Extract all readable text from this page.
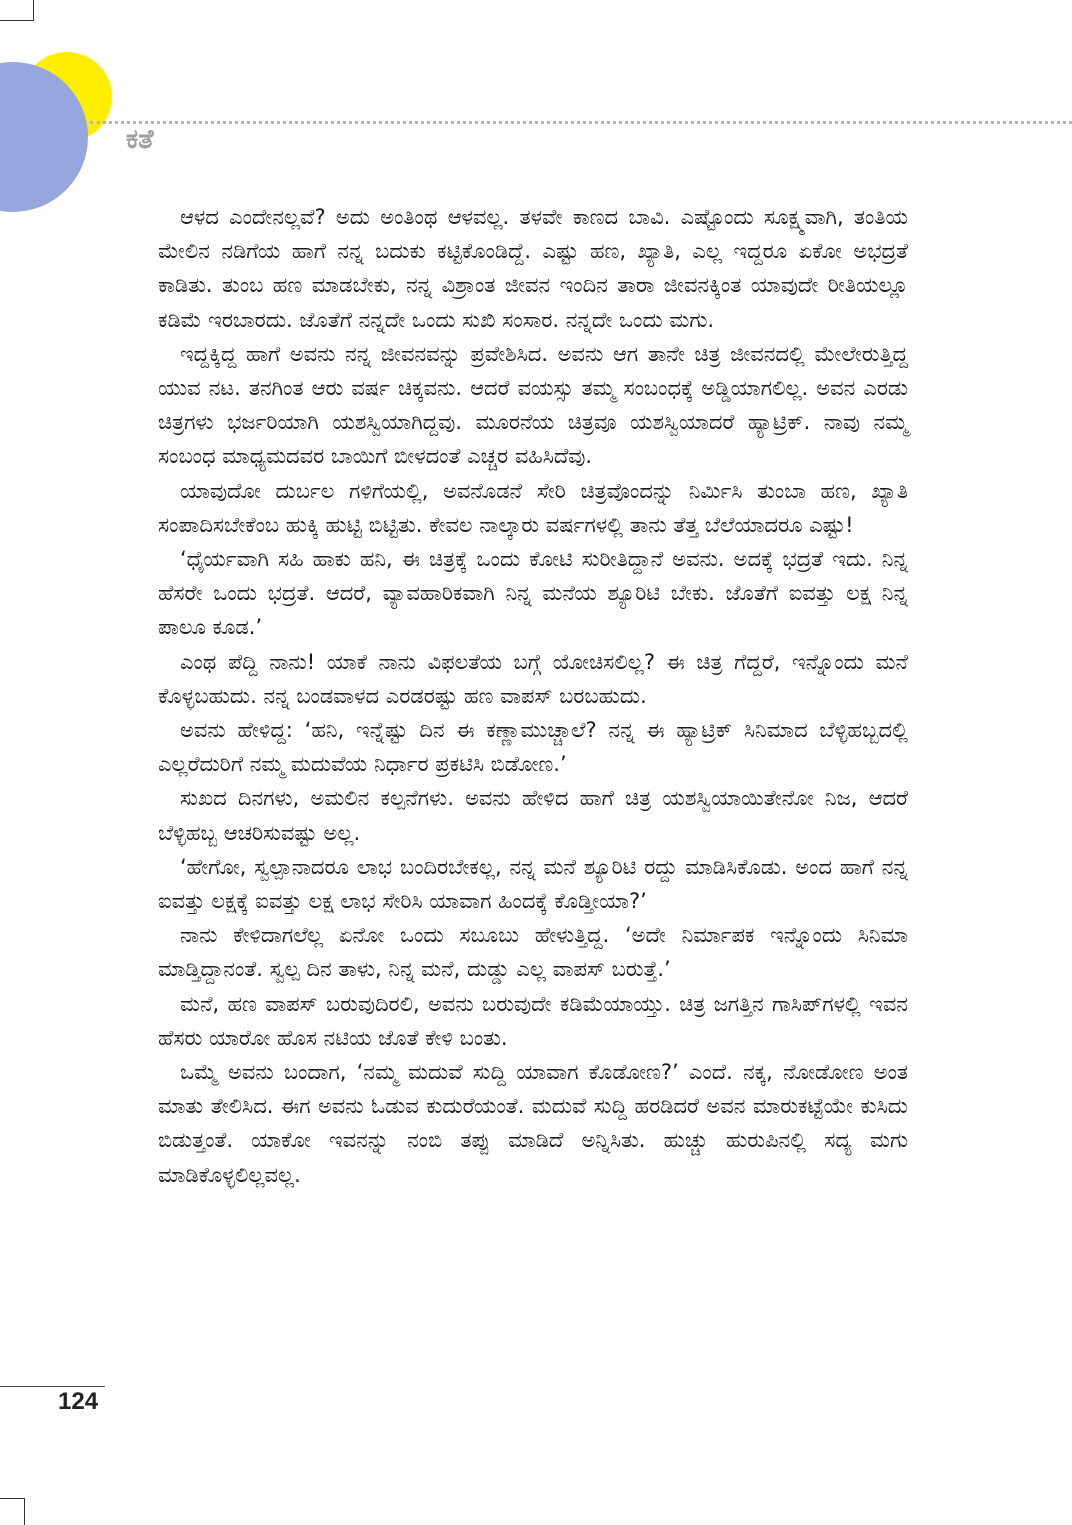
ಕತೆ

ಆಳದ ಎಂದೇನಲ್ಲವೆ? ಅದು ಅಂತಿಂಥ ಆಳವಲ್ಲ. ತಳವೇ ಕಾಣದ ಬಾವಿ. ಎಷ್ಟೊಂದು ಸೂಕ್ಷ್ಮವಾಗಿ, ತಂತಿಯ ಮೇಲಿನ ನಡಿಗೆಯ ಹಾಗೆ ನನ್ನ ಬದುಕು ಕಟ್ಟಿಕೊಂಡಿದ್ದೆ. ಎಷ್ಟು ಹಣ, ಖ್ಯಾತಿ, ಎಲ್ಲ ಇದ್ದರೂ ಏಕೋ ಅಭದ್ರತೆ ಕಾಡಿತು. ತುಂಬ ಹಣ ಮಾಡಬೇಕು, ನನ್ನ ವಿಶ್ರಾಂತ ಜೀವನ ಇಂದಿನ ತಾರಾ ಜೀವನಕ್ಕಿಂತ ಯಾವುದೇ ರೀತಿಯಲ್ಲೂ ಕಡಿಮೆ ಇರಬಾರದು. ಜೊತೆಗೆ ನನ್ನದೇ ಒಂದು ಸುಖಿ ಸಂಸಾರ. ನನ್ನದೇ ಒಂದು ಮಗು.

ಇದ್ದಕ್ಕಿದ್ದ ಹಾಗೆ ಅವನು ನನ್ನ ಜೀವನವನ್ನು ಪ್ರವೇಶಿಸಿದ. ಅವನು ಆಗ ತಾನೇ ಚಿತ್ರ ಜೀವನದಲ್ಲಿ ಮೇಲೇರುತ್ತಿದ್ದ ಯುವ ನಟ. ತನಗಿಂತ ಆರು ವರ್ಷ ಚಿಕ್ಕವನು. ಆದರೆ ವಯಸ್ಸು ತಮ್ಮ ಸಂಬಂಧಕ್ಕೆ ಅಡ್ಡಿಯಾಗಲಿಲ್ಲ. ಅವನ ಎರಡು ಚಿತ್ರಗಳು ಭರ್ಜರಿಯಾಗಿ ಯಶಸ್ವಿಯಾಗಿದ್ದವು. ಮೂರನೆಯ ಚಿತ್ರವೂ ಯಶಸ್ವಿಯಾದರೆ ಹ್ಯಾಟ್ರಿಕ್. ನಾವು ನಮ್ಮ ಸಂಬಂಧ ಮಾಧ್ಯಮದವರ ಬಾಯಿಗೆ ಬೀಳದಂತೆ ಎಚ್ಚರ ವಹಿಸಿದೆವು.

ಯಾವುದೋ ದುರ್ಬಲ ಗಳಿಗೆಯಲ್ಲಿ, ಅವನೊಡನೆ ಸೇರಿ ಚಿತ್ರವೊಂದನ್ನು ನಿರ್ಮಿಸಿ ತುಂಬಾ ಹಣ, ಖ್ಯಾತಿ ಸಂಪಾದಿಸಬೇಕೆಂಬ ಹುಕ್ಕಿ ಹುಟ್ಟಿ ಬಿಟ್ಟಿತು. ಕೇವಲ ನಾಲ್ಕಾರು ವರ್ಷಗಳಲ್ಲಿ ತಾನು ತೆತ್ತ ಬೆಲೆಯಾದರೂ ಎಷ್ಟು!

‘ಧೈರ್ಯವಾಗಿ ಸಹಿ ಹಾಕು ಹನಿ, ಈ ಚಿತ್ರಕ್ಕೆ ಒಂದು ಕೋಟಿ ಸುರೀತಿದ್ದಾನೆ ಅವನು. ಅದಕ್ಕೆ ಭದ್ರತೆ ಇದು. ನಿನ್ನ ಹೆಸರೇ ಒಂದು ಭದ್ರತೆ. ಆದರೆ, ವ್ಯಾವಹಾರಿಕವಾಗಿ ನಿನ್ನ ಮನೆಯ ಶ್ಯೂರಿಟಿ ಬೇಕು. ಜೊತೆಗೆ ಐವತ್ತು ಲಕ್ಷ ನಿನ್ನ ಪಾಲೂ ಕೂಡ.’

ಎಂಥ ಪೆದ್ದಿ ನಾನು! ಯಾಕೆ ನಾನು ವಿಫಲತೆಯ ಬಗ್ಗೆ ಯೋಚಿಸಲಿಲ್ಲ? ಈ ಚಿತ್ರ ಗೆದ್ದರೆ, ಇನ್ನೊಂದು ಮನೆ ಕೊಳ್ಳಬಹುದು. ನನ್ನ ಬಂಡವಾಳದ ಎರಡರಷ್ಟು ಹಣ ವಾಪಸ್ ಬರಬಹುದು.

ಅವನು ಹೇಳಿದ್ದ: ‘ಹನಿ, ಇನ್ನೆಷ್ಟು ದಿನ ಈ ಕಣ್ಣಾಮುಚ್ಚಾಲೆ? ನನ್ನ ಈ ಹ್ಯಾಟ್ರಿಕ್ ಸಿನಿಮಾದ ಬೆಳ್ಳಿಹಬ್ಬದಲ್ಲಿ ಎಲ್ಲರೆದುರಿಗೆ ನಮ್ಮ ಮದುವೆಯ ನಿರ್ಧಾರ ಪ್ರಕಟಿಸಿ ಬಿಡೋಣ.’

ಸುಖದ ದಿನಗಳು, ಅಮಲಿನ ಕಲ್ಪನೆಗಳು. ಅವನು ಹೇಳಿದ ಹಾಗೆ ಚಿತ್ರ ಯಶಸ್ವಿಯಾಯಿತೇನೋ ನಿಜ, ಆದರೆ ಬೆಳ್ಳಿಹಬ್ಬ ಆಚರಿಸುವಷ್ಟು ಅಲ್ಲ.

‘ಹೇಗೋ, ಸ್ವಲ್ಪಾನಾದರೂ ಲಾಭ ಬಂದಿರಬೇಕಲ್ಲ, ನನ್ನ ಮನೆ ಶ್ಯೂರಿಟಿ ರದ್ದು ಮಾಡಿಸಿಕೊಡು. ಅಂದ ಹಾಗೆ ನನ್ನ ಐವತ್ತು ಲಕ್ಷಕ್ಕೆ ಐವತ್ತು ಲಕ್ಷ ಲಾಭ ಸೇರಿಸಿ ಯಾವಾಗ ಹಿಂದಕ್ಕೆ ಕೊಡ್ತೀಯಾ?’

ನಾನು ಕೇಳಿದಾಗಲೆಲ್ಲ ಏನೋ ಒಂದು ಸಬೂಬು ಹೇಳುತ್ತಿದ್ದ. ‘ಅದೇ ನಿರ್ಮಾಪಕ ಇನ್ನೊಂದು ಸಿನಿಮಾ ಮಾಡ್ತಿದ್ದಾನಂತೆ. ಸ್ವಲ್ಪ ದಿನ ತಾಳು, ನಿನ್ನ ಮನೆ, ದುಡ್ಡು ಎಲ್ಲ ವಾಪಸ್ ಬರುತ್ತೆ.’

ಮನೆ, ಹಣ ವಾಪಸ್ ಬರುವುದಿರಲಿ, ಅವನು ಬರುವುದೇ ಕಡಿಮೆಯಾಯ್ತು. ಚಿತ್ರ ಜಗತ್ತಿನ ಗಾಸಿಪ್‌ಗಳಲ್ಲಿ ಇವನ ಹೆಸರು ಯಾರೋ ಹೊಸ ನಟಿಯ ಜೊತೆ ಕೇಳಿ ಬಂತು.

ಒಮ್ಮೆ ಅವನು ಬಂದಾಗ, ‘ನಮ್ಮ ಮದುವೆ ಸುದ್ದಿ ಯಾವಾಗ ಕೊಡೋಣ?’ ಎಂದೆ. ನಕ್ಕ, ನೋಡೋಣ ಅಂತ ಮಾತು ತೇಲಿಸಿದ. ಈಗ ಅವನು ಓಡುವ ಕುದುರೆಯಂತೆ. ಮದುವೆ ಸುದ್ದಿ ಹರಡಿದರೆ ಅವನ ಮಾರುಕಟ್ಟೆಯೇ ಕುಸಿದು ಬಿಡುತ್ತಂತೆ. ಯಾಕೋ ಇವನನ್ನು ನಂಬಿ ತಪ್ಪು ಮಾಡಿದೆ ಅನ್ನಿಸಿತು. ಹುಚ್ಚು ಹುರುಪಿನಲ್ಲಿ ಸದ್ಯ ಮಗು ಮಾಡಿಕೊಳ್ಳಲಿಲ್ಲವಲ್ಲ.

124
